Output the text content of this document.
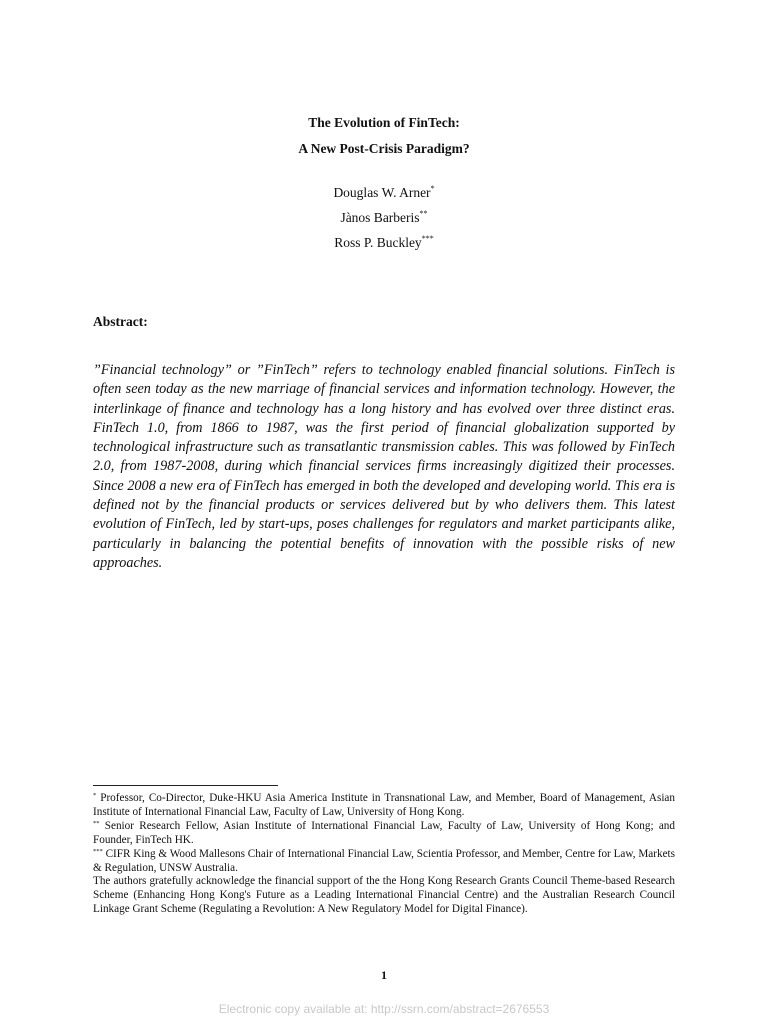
The Evolution of FinTech:
A New Post-Crisis Paradigm?
Douglas W. Arner*
Jànos Barberis**
Ross P. Buckley***
Abstract:
”Financial technology” or ”FinTech” refers to technology enabled financial solutions. FinTech is often seen today as the new marriage of financial services and information technology. However, the interlinkage of finance and technology has a long history and has evolved over three distinct eras. FinTech 1.0, from 1866 to 1987, was the first period of financial globalization supported by technological infrastructure such as transatlantic transmission cables. This was followed by FinTech 2.0, from 1987-2008, during which financial services firms increasingly digitized their processes. Since 2008 a new era of FinTech has emerged in both the developed and developing world. This era is defined not by the financial products or services delivered but by who delivers them. This latest evolution of FinTech, led by start-ups, poses challenges for regulators and market participants alike, particularly in balancing the potential benefits of innovation with the possible risks of new approaches.

* Professor, Co-Director, Duke-HKU Asia America Institute in Transnational Law, and Member, Board of Management, Asian Institute of International Financial Law, Faculty of Law, University of Hong Kong.

** Senior Research Fellow, Asian Institute of International Financial Law, Faculty of Law, University of Hong Kong; and Founder, FinTech HK.

*** CIFR King & Wood Mallesons Chair of International Financial Law, Scientia Professor, and Member, Centre for Law, Markets & Regulation, UNSW Australia.

The authors gratefully acknowledge the financial support of the the Hong Kong Research Grants Council Theme-based Research Scheme (Enhancing Hong Kong's Future as a Leading International Financial Centre) and the Australian Research Council Linkage Grant Scheme (Regulating a Revolution: A New Regulatory Model for Digital Finance).

1
Electronic copy available at: http://ssrn.com/abstract=2676553
